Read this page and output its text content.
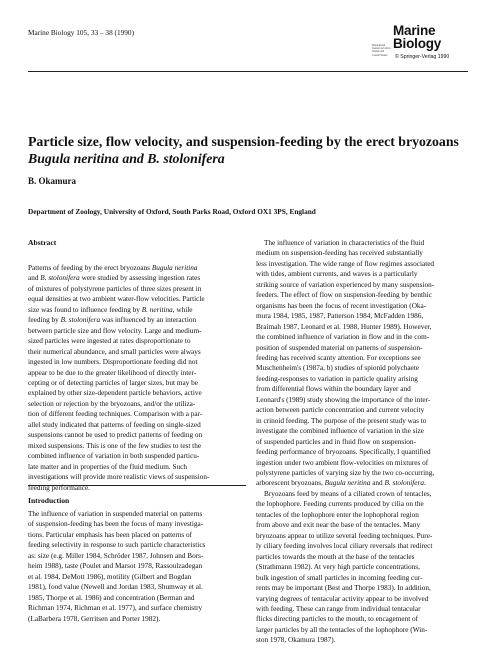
Marine Biology 105, 33 – 38 (1990)
International Journal on Life in Oceans and Coastal Waters
Marine
Biology
© Springer-Verlag 1990
Particle size, flow velocity, and suspension-feeding by the erect bryozoans
Bugula neritina and B. stolonifera
B. Okamura
Department of Zoology, University of Oxford, South Parks Road, Oxford OX1 3PS, England
Abstract
Patterns of feeding by the erect bryozoans Bugula neritina
and B. stolonifera were studied by assessing ingestion rates
of mixtures of polystyrene particles of three sizes present in
equal densities at two ambient water-flow velocities. Particle
size was found to influence feeding by B. neritina, while
feeding by B. stolonifera was influenced by an interaction
between particle size and flow velocity. Large and medium-
sized particles were ingested at rates disproportionate to
their numerical abundance, and small particles were always
ingested in low numbers. Disproportionate feeding did not
appear to be due to the greater likelihood of directly inter-
cepting or of detecting particles of larger sizes, but may be
explained by other size-dependent particle behaviors, active
selection or rejection by the bryozoans, and/or the utiliza-
tion of different feeding techniques. Comparison with a par-
allel study indicated that patterns of feeding on single-sized
suspensions cannot be used to predict patterns of feeding on
mixed suspensions. This is one of the few studies to test the
combined influence of variation in both suspended particu-
late matter and in properties of the fluid medium. Such
investigations will provide more realistic views of suspension-
feeding performance.
Introduction
The influence of variation in suspended material on patterns
of suspension-feeding has been the focus of many investiga-
tions. Particular emphasis has been placed on patterns of
feeding selectivity in response to such particle characteristics
as: size (e.g. Miller 1984, Schröder 1987, Johnsen and Bors-
heim 1988), taste (Poulet and Marsot 1978, Rassoulzadegan
et al. 1984, DeMott 1986), motility (Gilbert and Bogdan
1981), food value (Newell and Jordan 1983, Shumway et al.
1985, Thorpe et al. 1986) and concentration (Berman and
Richman 1974, Richman et al. 1977), and surface chemistry
(LaBarbera 1978, Gerritsen and Porter 1982).
The influence of variation in characteristics of the fluid
medium on suspension-feeding has received substantially
less investigation. The wide range of flow regimes associated
with tides, ambient currents, and waves is a particularly
striking source of variation experienced by many suspension-
feeders. The effect of flow on suspension-feeding by benthic
organisms has been the focus of recent investigation (Oka-
mura 1984, 1985, 1987, Patterson 1984, McFadden 1986,
Braimah 1987, Leonard et al. 1988, Hunter 1989). However,
the combined influence of variation in flow and in the com-
position of suspended material on patterns of suspension-
feeding has received scanty attention. For exceptions see
Muschenheim's (1987a, b) studies of spionid polychaete
feeding-responses to variation in particle quality arising
from differential flows within the boundary layer and
Leonard's (1989) study showing the importance of the inter-
action between particle concentration and current velocity
in crinoid feeding. The purpose of the present study was to
investigate the combined influence of variation in the size
of suspended particles and in fluid flow on suspension-
feeding performance of bryozoans. Specifically, I quantified
ingestion under two ambient flow-velocities on mixtures of
polystyrene particles of varying size by the two co-occurring,
arborescent bryozoans, Bugula neritina and B. stolonifera.
Bryozoans feed by means of a ciliated crown of tentacles,
the lophophore. Feeding currents produced by cilia on the
tentacles of the lophophore enter the lophophoral region
from above and exit near the base of the tentacles. Many
bryozoans appear to utilize several feeding techniques. Pure-
ly ciliary feeding involves local ciliary reversals that redirect
particles towards the mouth at the base of the tentacles
(Strathmann 1982). At very high particle concentrations,
bulk ingestion of small particles in incoming feeding cur-
rents may be important (Best and Thorpe 1983). In addition,
varying degrees of tentacular activity appear to be involved
with feeding. These can range from individual tentacular
flicks directing particles to the mouth, to encagement of
larger particles by all the tentacles of the lophophore (Win-
ston 1978, Okamura 1987).
